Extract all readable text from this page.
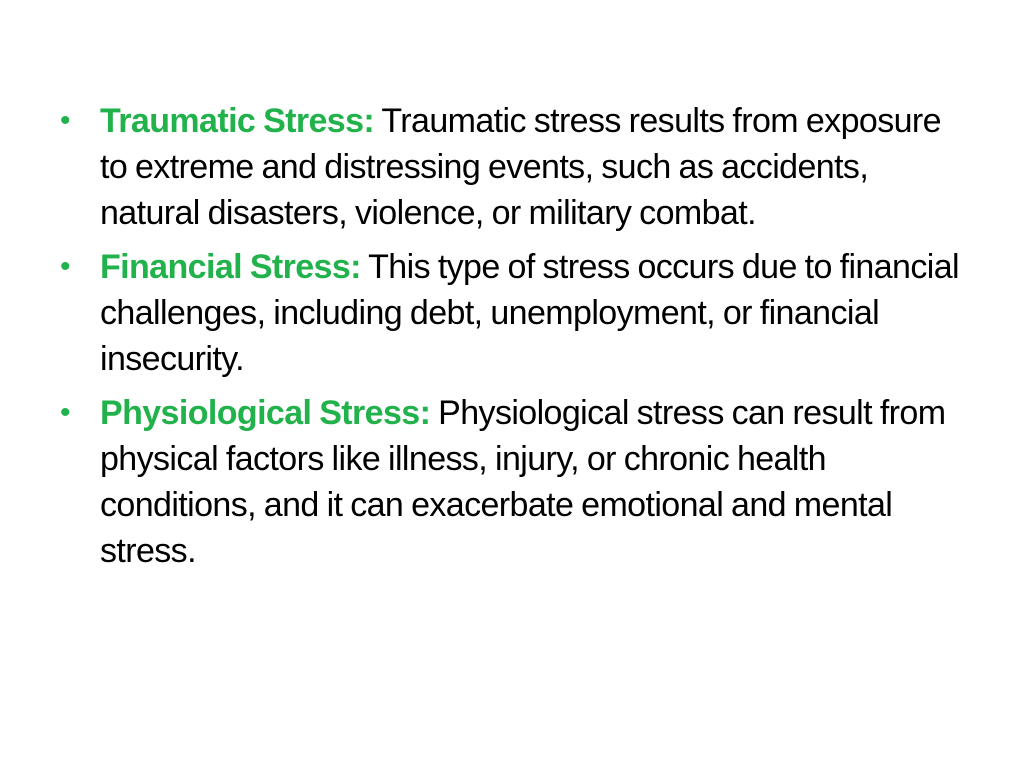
• Traumatic Stress: Traumatic stress results from exposure to extreme and distressing events, such as accidents, natural disasters, violence, or military combat.
• Financial Stress: This type of stress occurs due to financial challenges, including debt, unemployment, or financial insecurity.
• Physiological Stress: Physiological stress can result from physical factors like illness, injury, or chronic health conditions, and it can exacerbate emotional and mental stress.
